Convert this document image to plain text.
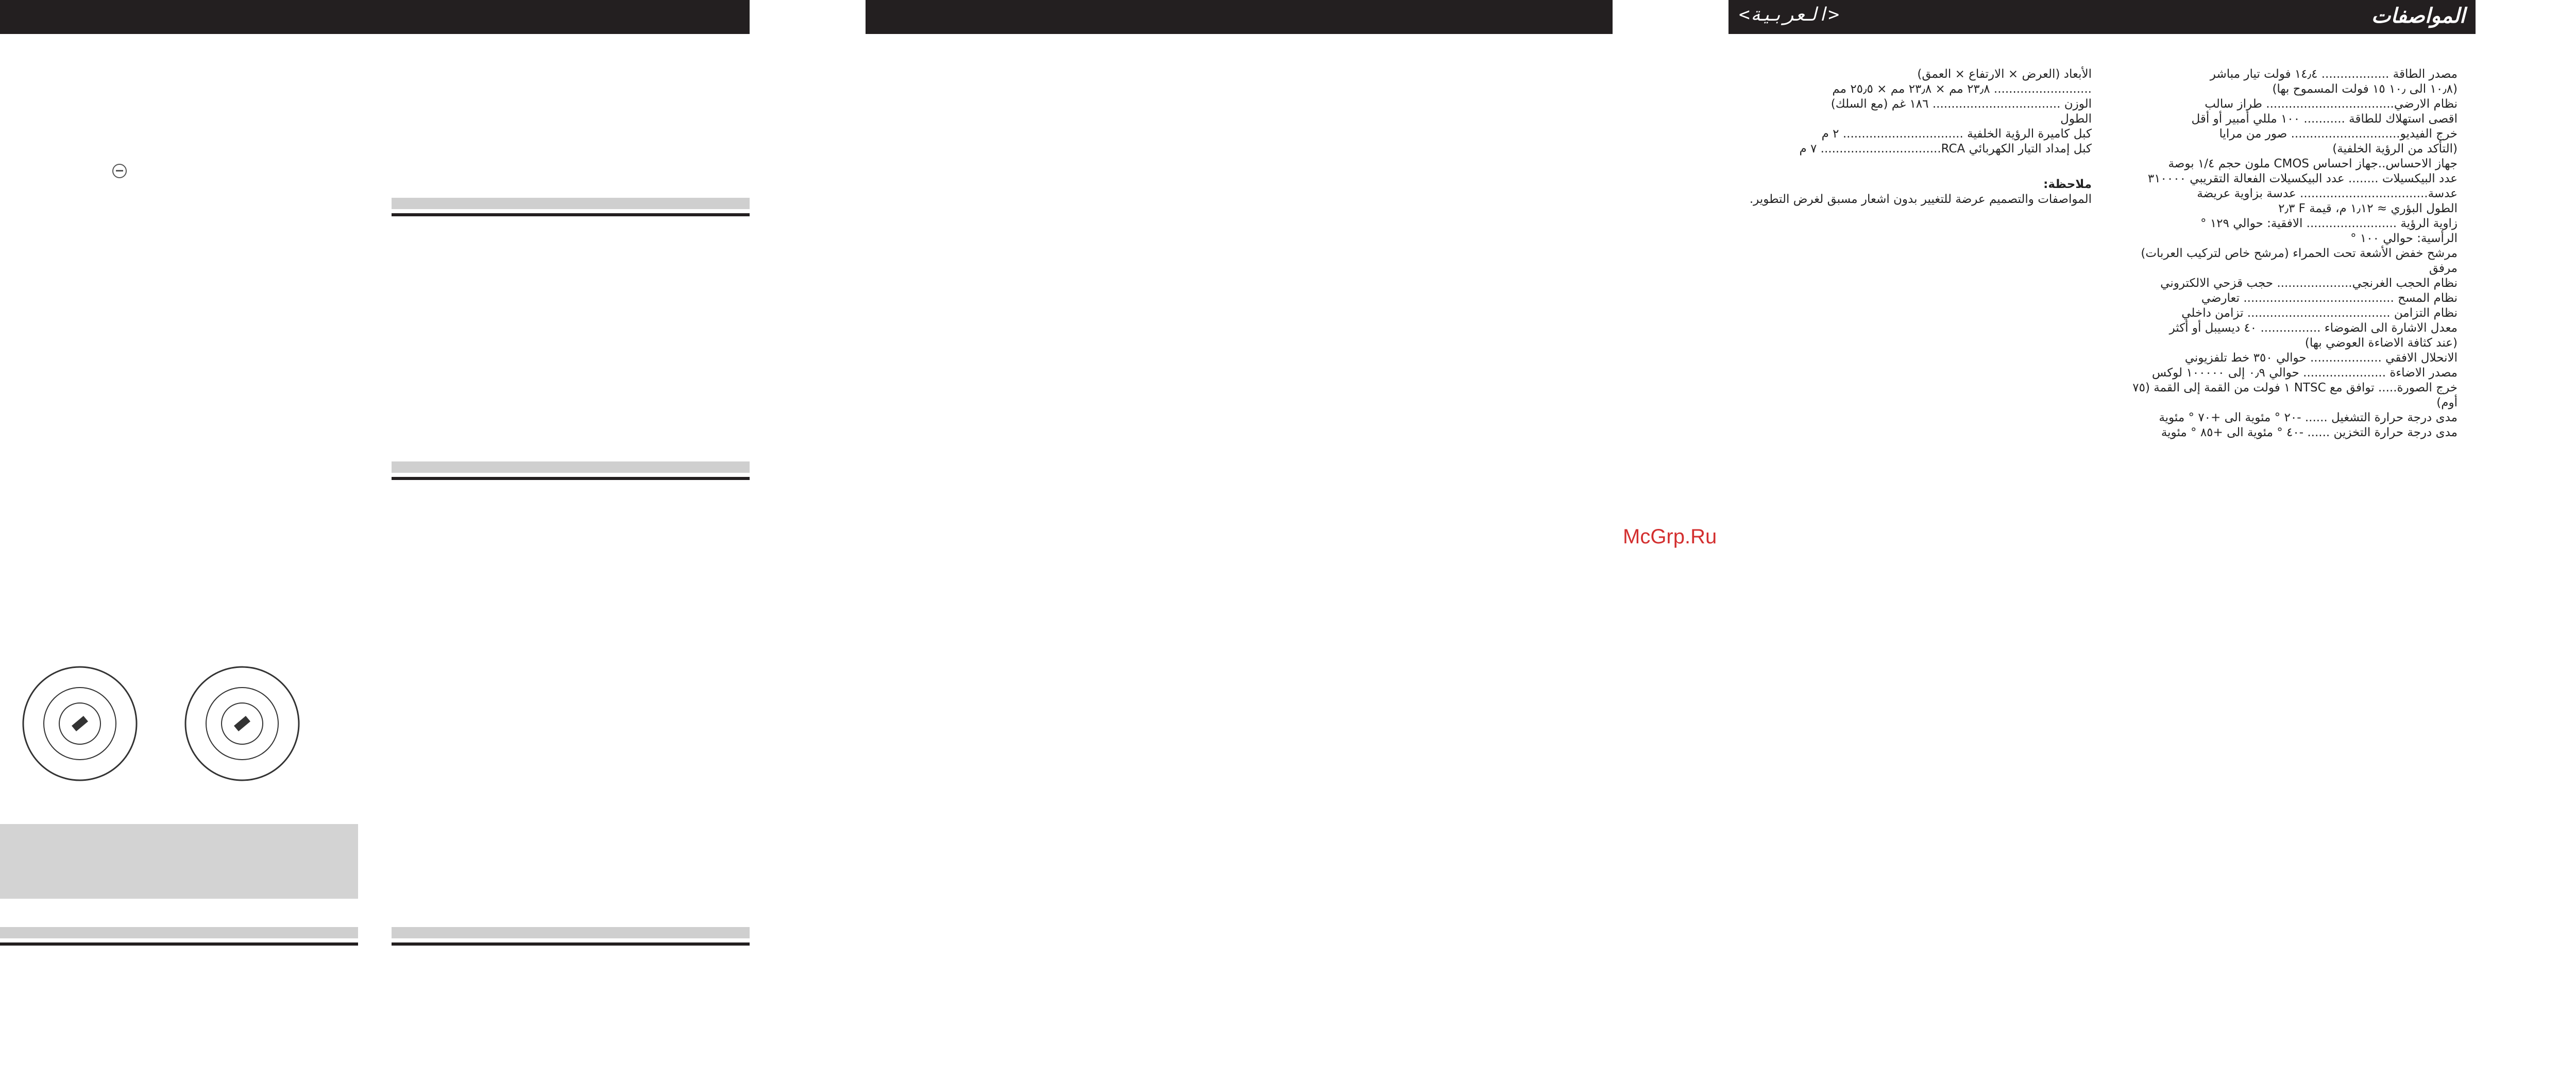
<العربية>	المواصفات

مصدر الطاقة .................. ١٤٫٤ فولت تيار مباشر

(١٠٫٨ الى ١٠٫ ١٥ فولت المسموح بها)

نظام الارضي.................................. طراز سالب

اقصى استهلاك للطاقة ........... ١٠٠ مللي أمبير أو أقل

خرج الفيديو............................. صور من مرايا

(التأكد من الرؤية الخلفية)

جهاز الاحساس..جهاز احساس CMOS ملون حجم ١/٤ بوصة

عدد البيكسيلات ........ عدد البيكسيلات الفعالة التقريبي ٣١٠٠٠٠

عدسة.................................. عدسة بزاوية عريضة

الطول البؤري ≈ ١٫١٢ م، قيمة F ٢٫٣

زاوية الرؤية ........................ الافقية: حوالي ١٢٩ °

الرأسية: حوالي ١٠٠ °

مرشح خفض الأشعة تحت الحمراء (مرشح خاص لتركيب العربات)

مرفق

نظام الحجب الغرنجي.................... حجب قزحي الالكتروني

نظام المسح ........................................ تعارضي

نظام التزامن ...................................... تزامن داخلي

معدل الاشارة الى الضوضاء ................ ٤٠ ديسيبل أو أكثر

(عند كثافة الاضاءة العوضي بها)

الانحلال الافقي ................... حوالي ٣٥٠ خط تلفزيوني

مصدر الاضاءة ...................... حوالي ٠٫٩ إلى ١٠٠٠٠٠ لوكس

خرج الصورة..... توافق مع NTSC ١ فولت من القمة إلى القمة (٧٥ أوم)

مدى درجة حرارة التشغيل ...... -٢٠ ° مئوية الى +٧٠ ° مئوية

مدى درجة حرارة التخزين ...... -٤٠ ° مئوية الى +٨٥ ° مئوية

الأبعاد (العرض × الارتفاع × العمق)

.......................... ٢٣٫٨ مم × ٢٣٫٨ مم × ٢٥٫٥ مم

الوزن .................................. ١٨٦ غم (مع السلك)

الطول

كبل كاميرة الرؤية الخلفية ................................ ٢ م

كبل إمداد التيار الكهربائي RCA................................ ٧ م

ملاحظة:

المواصفات والتصميم عرضة للتغيير بدون اشعار مسبق لغرض التطوير.

McGrp.Ru
